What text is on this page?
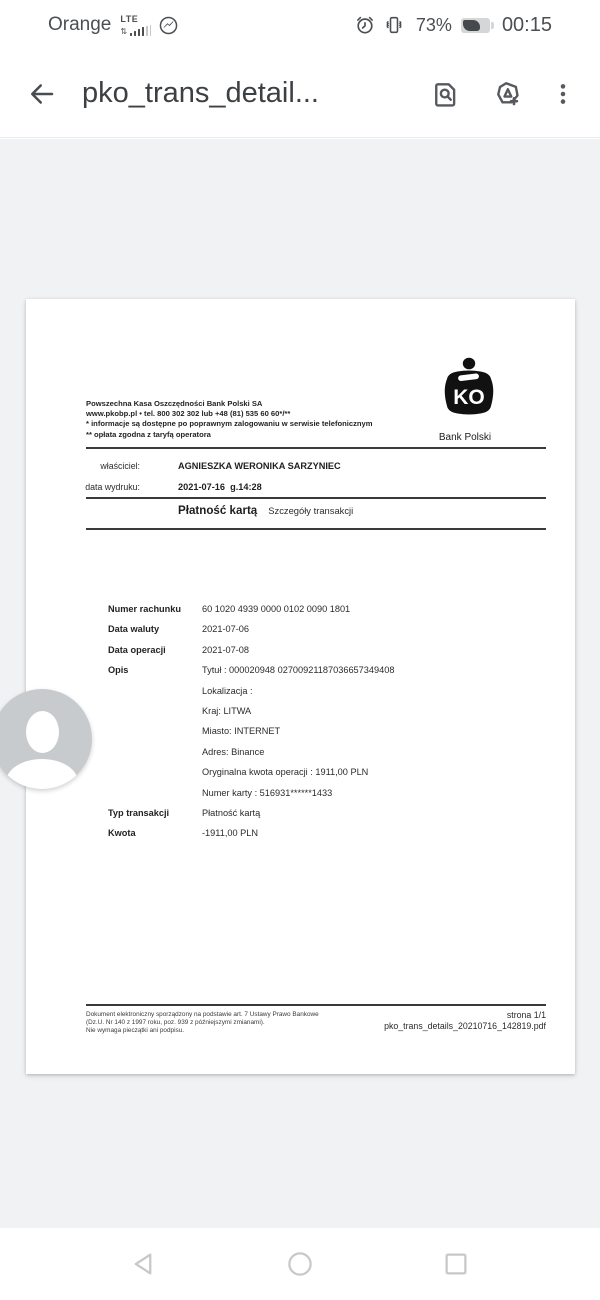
Orange LTE
⇅	73%	00:15
pko_trans_detail...
KO
Bank Polski
Powszechna Kasa Oszczędności Bank Polski SA
www.pkobp.pl • tel. 800 302 302 lub +48 (81) 535 60 60*/**
* informacje są dostępne po poprawnym zalogowaniu w serwisie telefonicznym
** opłata zgodna z taryfą operatora
właściciel:	AGNIESZKA WERONIKA SARZYNIEC
data wydruku:	2021-07-16  g.14:28
Płatność kartą Szczegóły transakcji
Numer rachunku	60 1020 4939 0000 0102 0090 1801
Data waluty	2021-07-06
Data operacji	2021-07-08
Opis	Tytuł : 000020948 02700921187036657349408
Lokalizacja :
Kraj: LITWA
Miasto: INTERNET
Adres: Binance
Oryginalna kwota operacji : 1911,00 PLN
Numer karty : 516931******1433
Typ transakcji	Płatność kartą
Kwota	-1911,00 PLN
Dokument elektroniczny sporządzony na podstawie art. 7 Ustawy Prawo Bankowe
(Dz.U. Nr 140 z 1997 roku, poz. 939 z późniejszymi zmianami).
Nie wymaga pieczątki ani podpisu.
strona 1/1
pko_trans_details_20210716_142819.pdf
